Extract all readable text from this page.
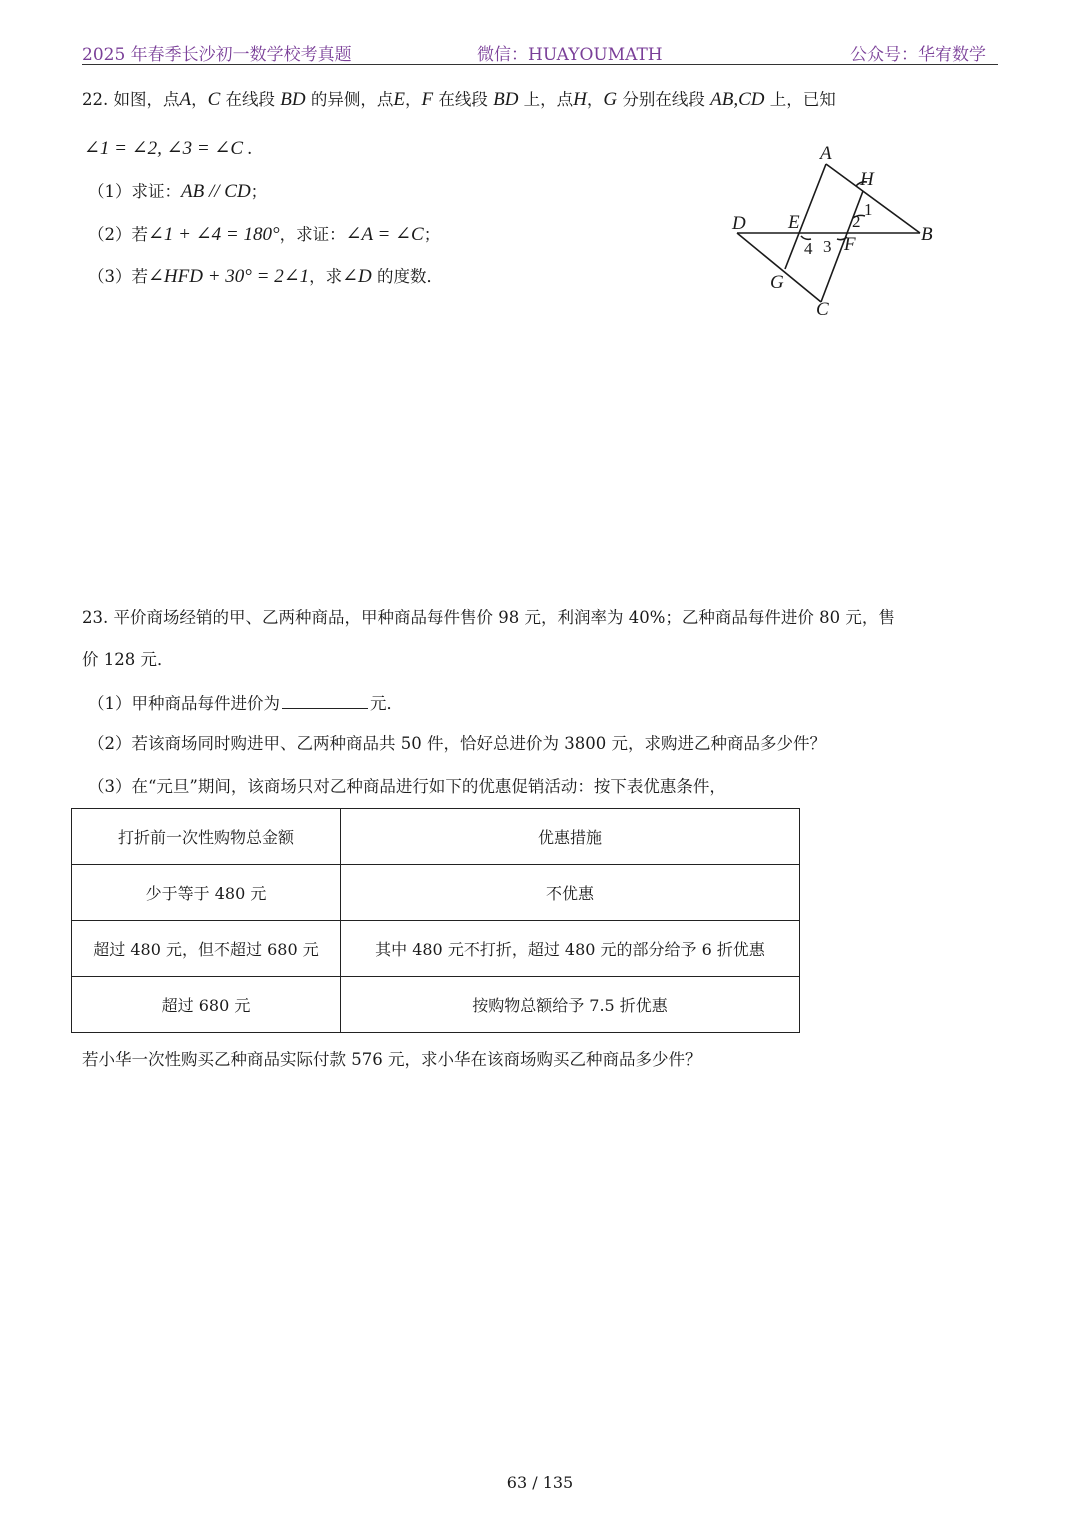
2025 年春季长沙初一数学校考真题	微信：HUAYOUMATH	公众号：华宥数学
22. 如图，点A，C 在线段 BD 的异侧，点E，F 在线段 BD 上，点H，G 分别在线段 AB,CD 上，已知
∠1 = ∠2, ∠3 = ∠C .
（1）求证：AB // CD；
（2）若∠1 + ∠4 = 180°，求证：∠A = ∠C；
（3）若∠HFD + 30° = 2∠1，求∠D 的度数．
A
H
D E
B
F
G
C
1
2
3
4
23. 平价商场经销的甲、乙两种商品，甲种商品每件售价 98 元，利润率为 40%；乙种商品每件进价 80 元，售
价 128 元．
（1）甲种商品每件进价为	元．
（2）若该商场同时购进甲、乙两种商品共 50 件，恰好总进价为 3800 元，求购进乙种商品多少件？
（3）在“元旦”期间，该商场只对乙种商品进行如下的优惠促销活动：按下表优惠条件，
打折前一次性购物总金额	优惠措施
少于等于 480 元	不优惠
超过 480 元，但不超过 680 元	其中 480 元不打折，超过 480 元的部分给予 6 折优惠
超过 680 元	按购物总额给予 7.5 折优惠
若小华一次性购买乙种商品实际付款 576 元，求小华在该商场购买乙种商品多少件？
63 / 135
